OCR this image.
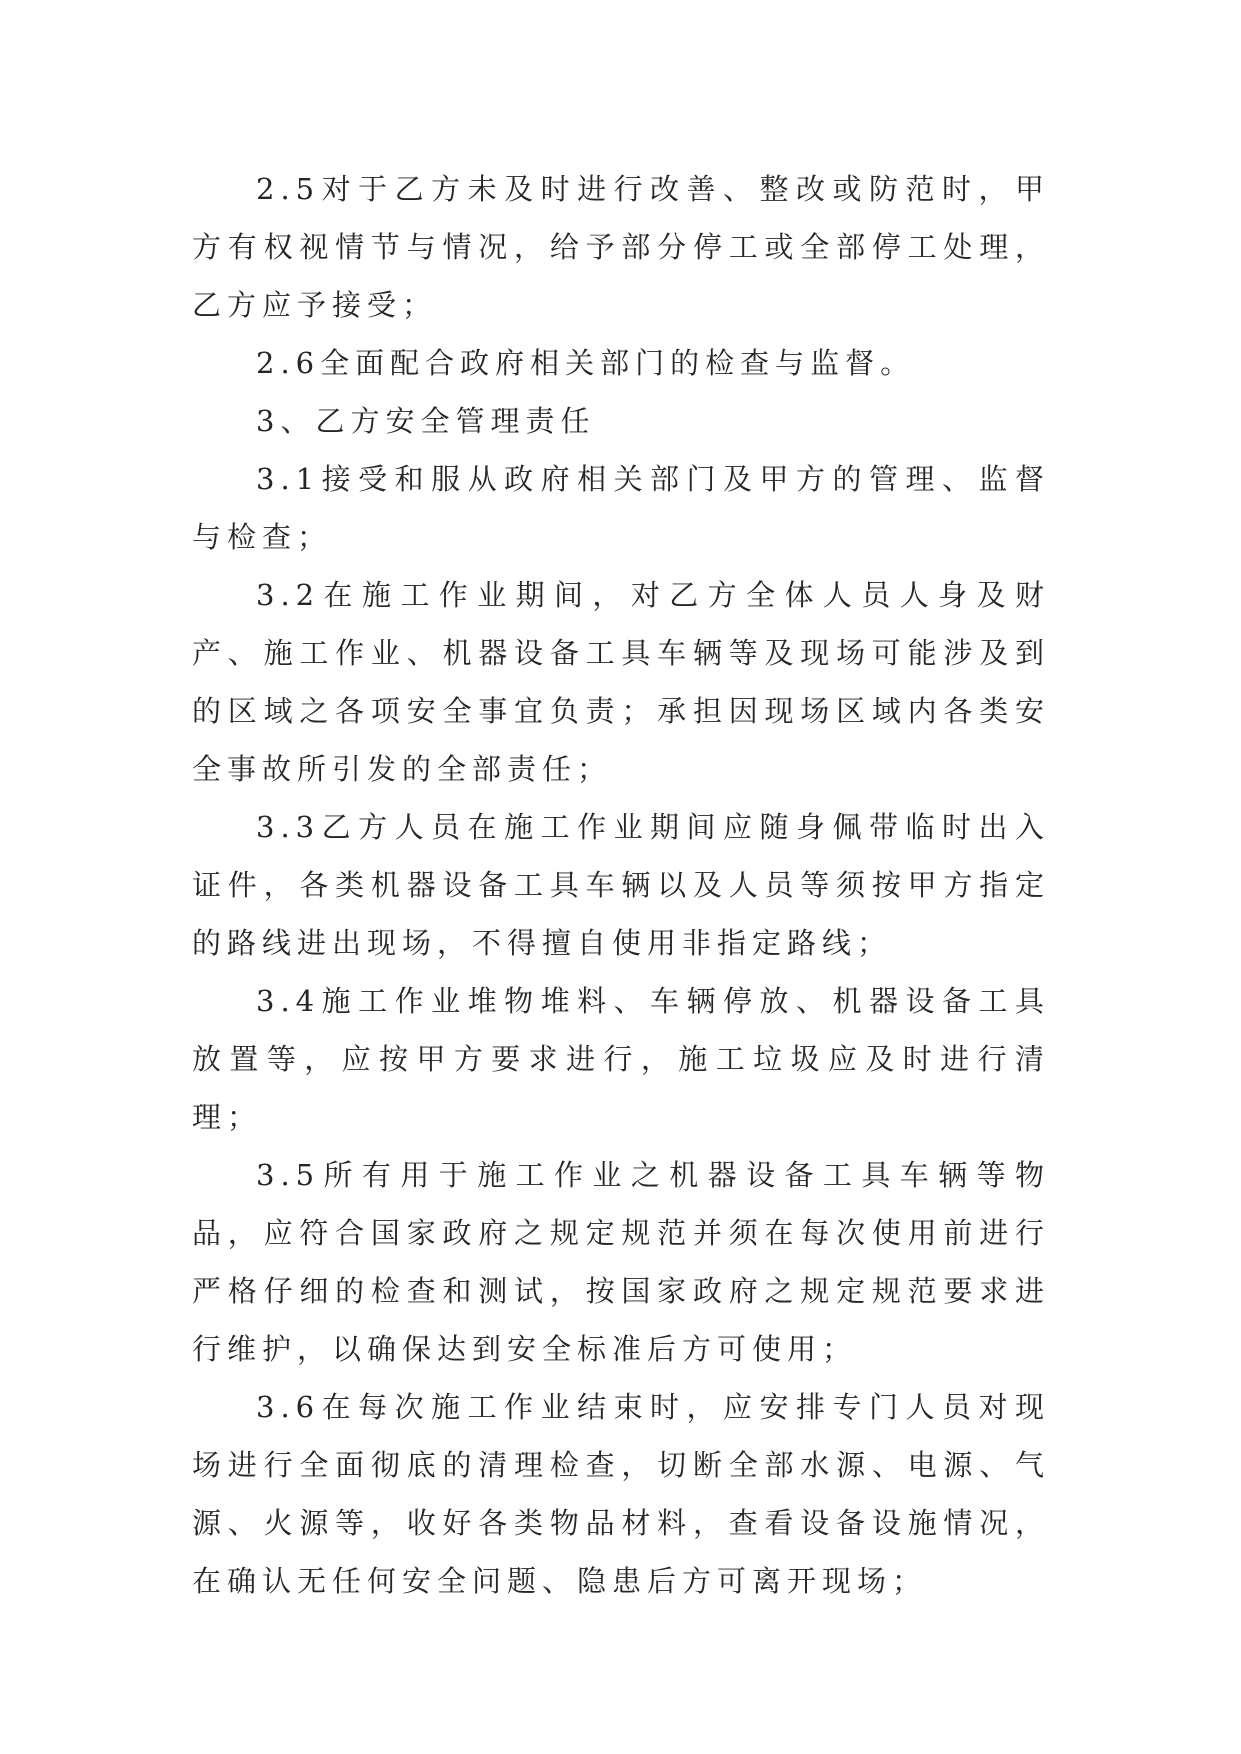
2.5对于乙方未及时进行改善、整改或防范时，甲方有权视情节与情况，给予部分停工或全部停工处理，乙方应予接受；

2.6全面配合政府相关部门的检查与监督。

3、乙方安全管理责任

3.1接受和服从政府相关部门及甲方的管理、监督与检查；

3.2在施工作业期间，对乙方全体人员人身及财产、施工作业、机器设备工具车辆等及现场可能涉及到的区域之各项安全事宜负责；承担因现场区域内各类安全事故所引发的全部责任；

3.3乙方人员在施工作业期间应随身佩带临时出入证件，各类机器设备工具车辆以及人员等须按甲方指定的路线进出现场，不得擅自使用非指定路线；

3.4施工作业堆物堆料、车辆停放、机器设备工具放置等，应按甲方要求进行，施工垃圾应及时进行清理；

3.5所有用于施工作业之机器设备工具车辆等物品，应符合国家政府之规定规范并须在每次使用前进行严格仔细的检查和测试，按国家政府之规定规范要求进行维护，以确保达到安全标准后方可使用；

3.6在每次施工作业结束时，应安排专门人员对现场进行全面彻底的清理检查，切断全部水源、电源、气源、火源等，收好各类物品材料，查看设备设施情况，在确认无任何安全问题、隐患后方可离开现场；
